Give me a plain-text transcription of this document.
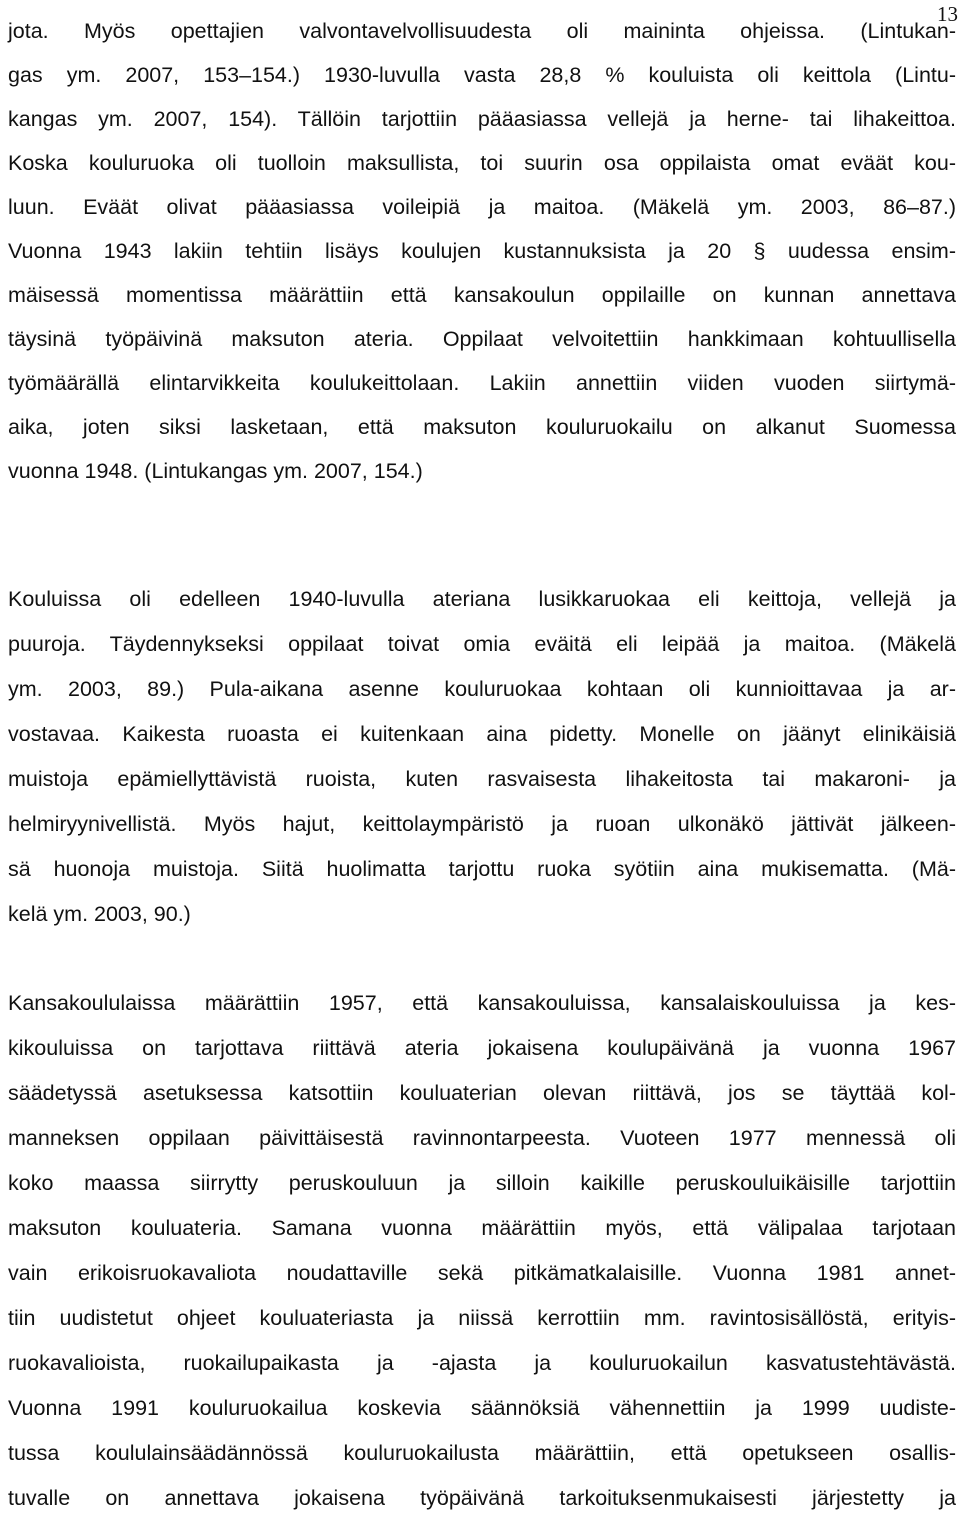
13
jota. Myös opettajien valvontavelvollisuudesta oli maininta ohjeissa. (Lintukan-
gas ym. 2007, 153–154.) 1930-luvulla vasta 28,8 % kouluista oli keittola (Lintu-
kangas ym. 2007, 154). Tällöin tarjottiin pääasiassa vellejä ja herne- tai lihakeittoa.
Koska kouluruoka oli tuolloin maksullista, toi suurin osa oppilaista omat eväät kou-
luun. Eväät olivat pääasiassa voileipiä ja maitoa. (Mäkelä ym. 2003, 86–87.)
Vuonna 1943 lakiin tehtiin lisäys koulujen kustannuksista ja 20 § uudessa ensim-
mäisessä momentissa määrättiin että kansakoulun oppilaille on kunnan annettava
täysinä työpäivinä maksuton ateria. Oppilaat velvoitettiin hankkimaan kohtuullisella
työmäärällä elintarvikkeita koulukeittolaan. Lakiin annettiin viiden vuoden siirtymä-
aika, joten siksi lasketaan, että maksuton kouluruokailu on alkanut Suomessa
vuonna 1948. (Lintukangas ym. 2007, 154.)
Kouluissa oli edelleen 1940-luvulla ateriana lusikkaruokaa eli keittoja, vellejä ja
puuroja. Täydennykseksi oppilaat toivat omia eväitä eli leipää ja maitoa. (Mäkelä
ym. 2003, 89.) Pula-aikana asenne kouluruokaa kohtaan oli kunnioittavaa ja ar-
vostavaa. Kaikesta ruoasta ei kuitenkaan aina pidetty. Monelle on jäänyt elinikäisiä
muistoja epämiellyttävistä ruoista, kuten rasvaisesta lihakeitosta tai makaroni- ja
helmiryynivellistä. Myös hajut, keittolaympäristö ja ruoan ulkonäkö jättivät jälkeen-
sä huonoja muistoja. Siitä huolimatta tarjottu ruoka syötiin aina mukisematta. (Mä-
kelä ym. 2003, 90.)
Kansakoululaissa määrättiin 1957, että kansakouluissa, kansalaiskouluissa ja kes-
kikouluissa on tarjottava riittävä ateria jokaisena koulupäivänä ja vuonna 1967
säädetyssä asetuksessa katsottiin kouluaterian olevan riittävä, jos se täyttää kol-
manneksen oppilaan päivittäisestä ravinnontarpeesta. Vuoteen 1977 mennessä oli
koko maassa siirrytty peruskouluun ja silloin kaikille peruskouluikäisille tarjottiin
maksuton kouluateria. Samana vuonna määrättiin myös, että välipalaa tarjotaan
vain erikoisruokavaliota noudattaville sekä pitkämatkalaisille. Vuonna 1981 annet-
tiin uudistetut ohjeet kouluateriasta ja niissä kerrottiin mm. ravintosisällöstä, erityis-
ruokavalioista, ruokailupaikasta ja -ajasta ja kouluruokailun kasvatustehtävästä.
Vuonna 1991 kouluruokailua koskevia säännöksiä vähennettiin ja 1999 uudiste-
tussa koululainsäädännössä kouluruokailusta määrättiin, että opetukseen osallis-
tuvalle on annettava jokaisena työpäivänä tarkoituksenmukaisesti järjestetty ja
